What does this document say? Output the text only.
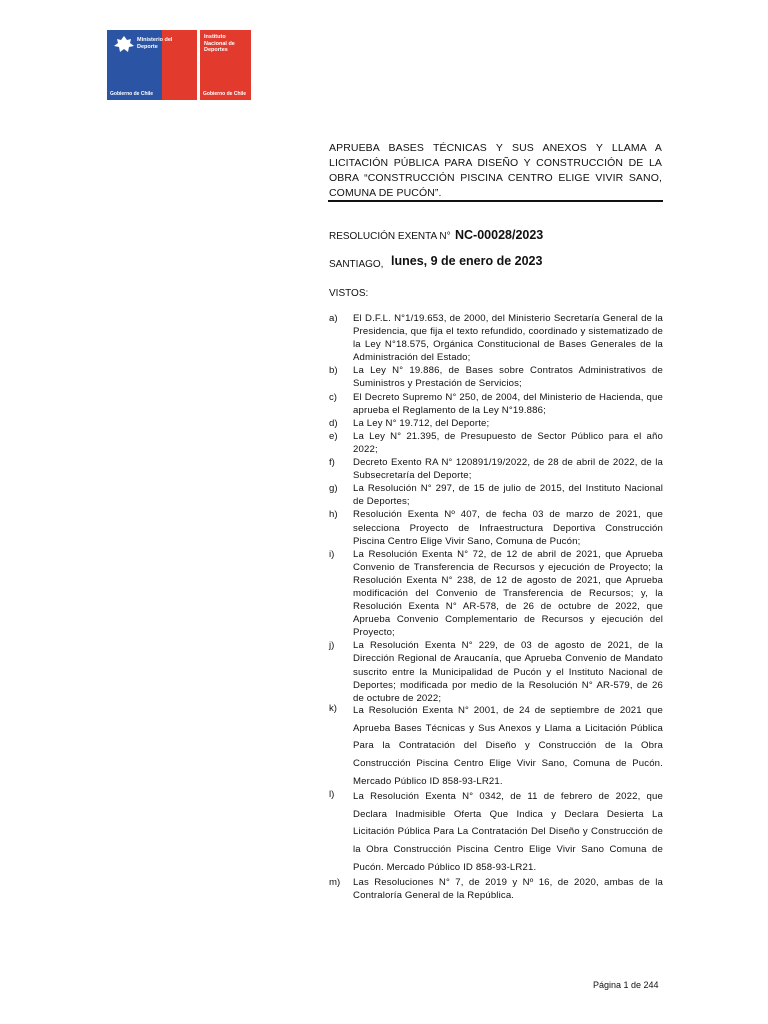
Ministerio del
Deporte
Gobierno de Chile
Instituto
Nacional de
Deportes
Gobierno de Chile
APRUEBA BASES TÉCNICAS Y SUS ANEXOS Y LLAMA A LICITACIÓN PÚBLICA PARA DISEÑO Y CONSTRUCCIÓN DE LA OBRA “CONSTRUCCIÓN PISCINA CENTRO ELIGE VIVIR SANO, COMUNA DE PUCÓN”.
RESOLUCIÓN EXENTA N° NC-00028/2023
SANTIAGO, lunes, 9 de enero de 2023
VISTOS:
a)	El D.F.L. N°1/19.653, de 2000, del Ministerio Secretaría General de la Presidencia, que fija el texto refundido, coordinado y sistematizado de la Ley N°18.575, Orgánica Constitucional de Bases Generales de la Administración del Estado;
b)	La Ley N° 19.886, de Bases sobre Contratos Administrativos de Suministros y Prestación de Servicios;
c)	El Decreto Supremo N° 250, de 2004, del Ministerio de Hacienda, que aprueba el Reglamento de la Ley N°19.886;
d)	La Ley N° 19.712, del Deporte;
e)	La Ley N° 21.395, de Presupuesto de Sector Público para el año 2022;
f)	Decreto Exento RA N° 120891/19/2022, de 28 de abril de 2022, de la Subsecretaría del Deporte;
g)	La Resolución N° 297, de 15 de julio de 2015, del Instituto Nacional de Deportes;
h)	Resolución Exenta Nº 407, de fecha 03 de marzo de 2021, que selecciona Proyecto de Infraestructura Deportiva Construcción Piscina Centro Elige Vivir Sano, Comuna de Pucón;
i)	La Resolución Exenta N° 72, de 12 de abril de 2021, que Aprueba Convenio de Transferencia de Recursos y ejecución de Proyecto; la Resolución Exenta N° 238, de 12 de agosto de 2021, que Aprueba modificación del Convenio de Transferencia de Recursos; y, la Resolución Exenta N° AR-578, de 26 de octubre de 2022, que Aprueba Convenio Complementario de Recursos y ejecución del Proyecto;
j)	La Resolución Exenta N° 229, de 03 de agosto de 2021, de la Dirección Regional de Araucanía, que Aprueba Convenio de Mandato suscrito entre la Municipalidad de Pucón y el Instituto Nacional de Deportes; modificada por medio de la Resolución N° AR-579, de 26 de octubre de 2022;
k)	La Resolución Exenta N° 2001, de 24 de septiembre de 2021 que Aprueba Bases Técnicas y Sus Anexos y Llama a Licitación Pública Para la Contratación del Diseño y Construcción de la Obra Construcción Piscina Centro Elige Vivir Sano, Comuna de Pucón. Mercado Público ID 858-93-LR21.
l)	La Resolución Exenta N° 0342, de 11 de febrero de 2022, que Declara Inadmisible Oferta Que Indica y Declara Desierta La Licitación Pública Para La Contratación Del Diseño y Construcción de la Obra Construcción Piscina Centro Elige Vivir Sano Comuna de Pucón. Mercado Público ID 858-93-LR21.
m)	Las Resoluciones N° 7, de 2019 y Nº 16, de 2020, ambas de la Contraloría General de la República.
Página 1 de 244
